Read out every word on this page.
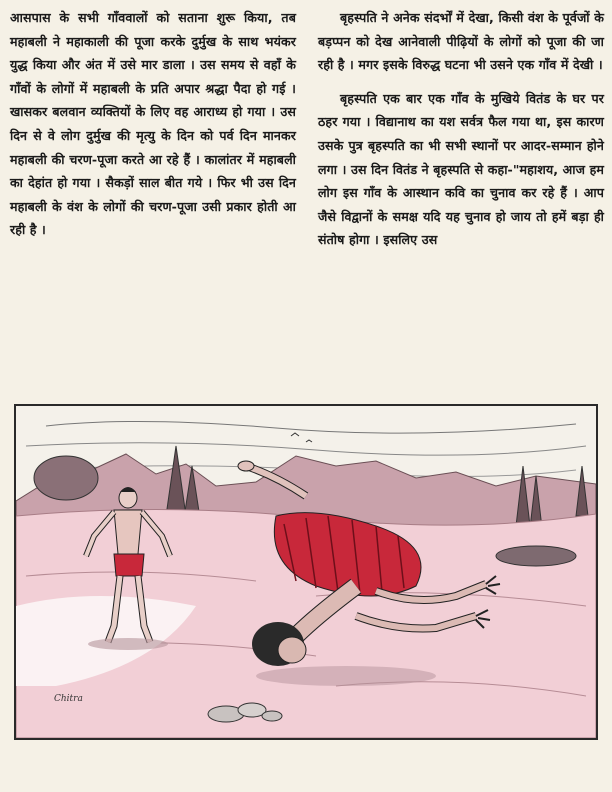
आसपास के सभी गाँववालों को सताना शुरू किया, तब महाबली ने महाकाली की पूजा करके दुर्मुख के साथ भयंकर युद्ध किया और अंत में उसे मार डाला । उस समय से वहाँ के गाँवों के लोगों में महाबली के प्रति अपार श्रद्धा पैदा हो गई । खासकर बलवान व्यक्तियों के लिए वह आराध्य हो गया । उस दिन से वे लोग दुर्मुख की मृत्यु के दिन को पर्व दिन मानकर महाबली की चरण-पूजा करते आ रहे हैं । कालांतर में महाबली का देहांत हो गया । सैकड़ों साल बीत गये । फिर भी उस दिन महाबली के वंश के लोगों की चरण-पूजा उसी प्रकार होती आ रही है ।

बृहस्पति ने अनेक संदर्भों में देखा, किसी वंश के पूर्वजों के बड़प्पन को देख आनेवाली पीढ़ियों के लोगों को पूजा की जा रही है । मगर इसके विरुद्ध घटना भी उसने एक गाँव में देखी ।

बृहस्पति एक बार एक गाँव के मुखिये वितंड के घर पर ठहर गया । विद्यानाथ का यश सर्वत्र फैल गया था, इस कारण उसके पुत्र बृहस्पति का भी सभी स्थानों पर आदर-सम्मान होने लगा । उस दिन वितंड ने बृहस्पति से कहा-"महाशय, आज हम लोग इस गाँव के आस्थान कवि का चुनाव कर रहे हैं । आप जैसे विद्वानों के समक्ष यदि यह चुनाव हो जाय तो हमें बड़ा ही संतोष होगा । इसलिए उस

Chitra
